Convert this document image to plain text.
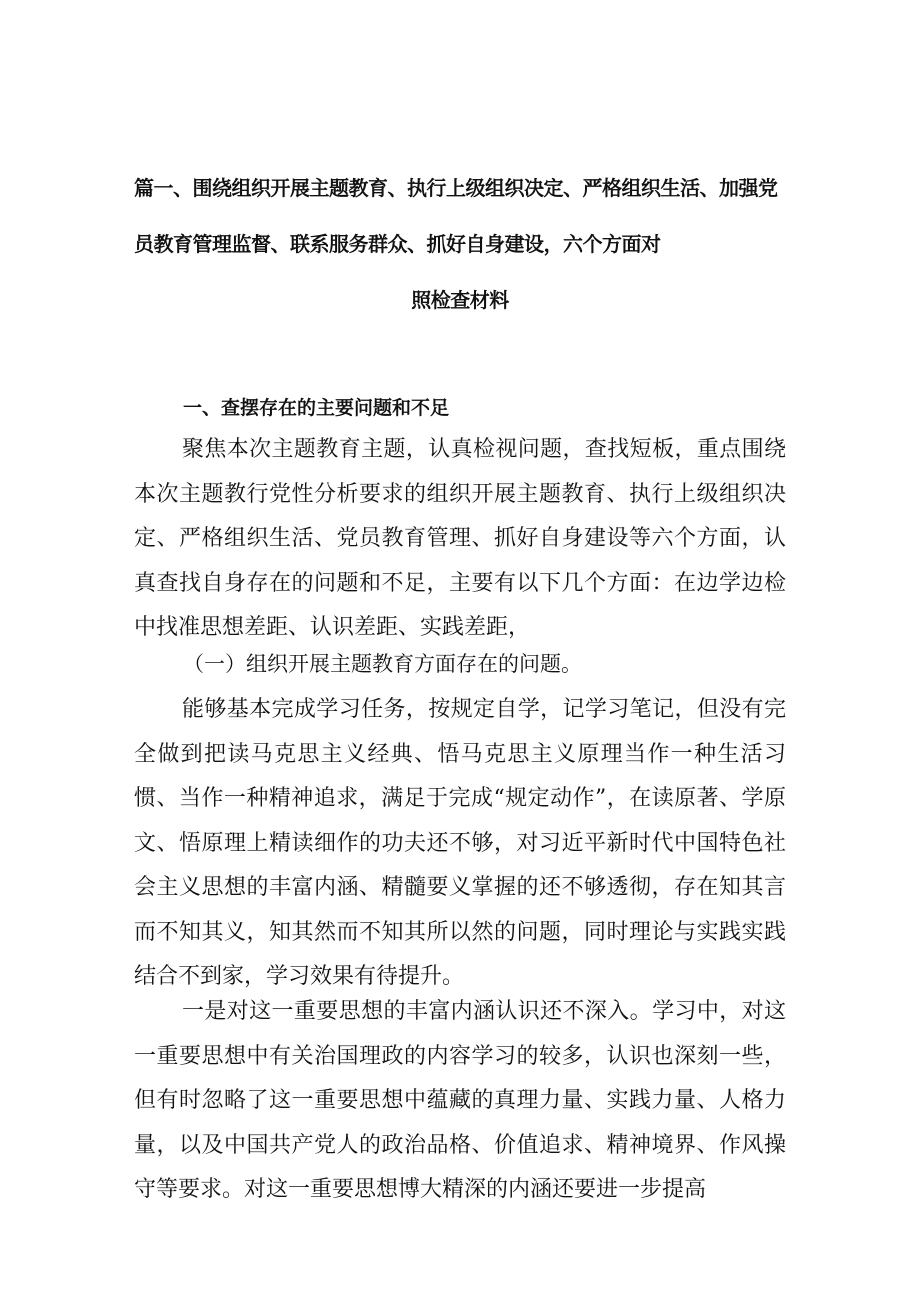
篇一、围绕组织开展主题教育、执行上级组织决定、严格组织生活、加强党
员教育管理监督、联系服务群众、抓好自身建设，六个方面对
照检查材料
一、查摆存在的主要问题和不足

聚焦本次主题教育主题，认真检视问题，查找短板，重点围绕本次主题教行党性分析要求的组织开展主题教育、执行上级组织决定、严格组织生活、党员教育管理、抓好自身建设等六个方面，认真查找自身存在的问题和不足，主要有以下几个方面：在边学边检中找准思想差距、认识差距、实践差距，

（一）组织开展主题教育方面存在的问题。

能够基本完成学习任务，按规定自学，记学习笔记，但没有完全做到把读马克思主义经典、悟马克思主义原理当作一种生活习惯、当作一种精神追求，满足于完成“规定动作”，在读原著、学原文、悟原理上精读细作的功夫还不够，对习近平新时代中国特色社会主义思想的丰富内涵、精髓要义掌握的还不够透彻，存在知其言而不知其义，知其然而不知其所以然的问题，同时理论与实践实践结合不到家，学习效果有待提升。

一是对这一重要思想的丰富内涵认识还不深入。学习中，对这一重要思想中有关治国理政的内容学习的较多，认识也深刻一些，但有时忽略了这一重要思想中蕴藏的真理力量、实践力量、人格力量，以及中国共产党人的政治品格、价值追求、精神境界、作风操守等要求。对这一重要思想博大精深的内涵还要进一步提高
